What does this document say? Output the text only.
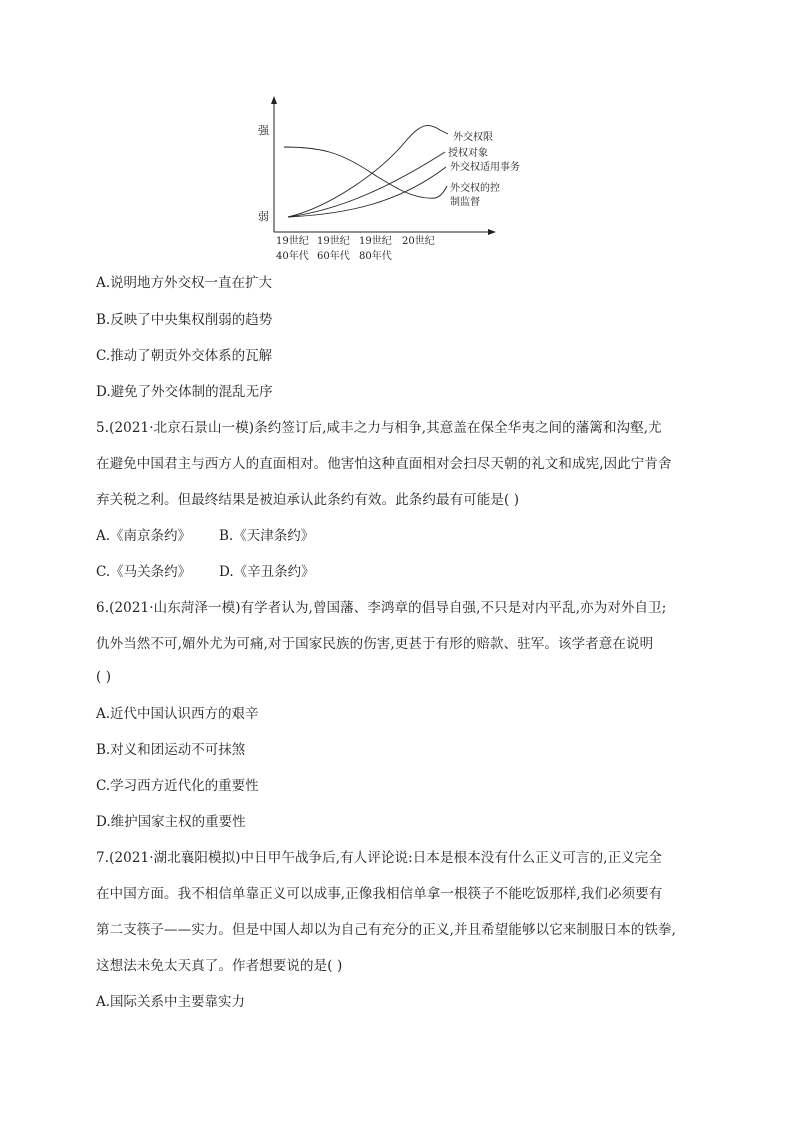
强
弱
外交权限
授权对象
外交权适用事务
外交权的控
制监督
19世纪
40年代
19世纪
60年代
19世纪
80年代
20世纪
A.说明地方外交权一直在扩大
B.反映了中央集权削弱的趋势
C.推动了朝贡外交体系的瓦解
D.避免了外交体制的混乱无序
5.(2021·北京石景山一模)条约签订后,咸丰之力与相争,其意盖在保全华夷之间的藩篱和沟壑,尤
在避免中国君主与西方人的直面相对。他害怕这种直面相对会扫尽天朝的礼文和成宪,因此宁肯舍
弃关税之利。但最终结果是被迫承认此条约有效。此条约最有可能是( )
A.《南京条约》 B.《天津条约》
C.《马关条约》 D.《辛丑条约》
6.(2021·山东菏泽一模)有学者认为,曾国藩、李鸿章的倡导自强,不只是对内平乱,亦为对外自卫;
仇外当然不可,媚外尤为可痛,对于国家民族的伤害,更甚于有形的赔款、驻军。该学者意在说明
( )
A.近代中国认识西方的艰辛
B.对义和团运动不可抹煞
C.学习西方近代化的重要性
D.维护国家主权的重要性
7.(2021·湖北襄阳模拟)中日甲午战争后,有人评论说:日本是根本没有什么正义可言的,正义完全
在中国方面。我不相信单靠正义可以成事,正像我相信单拿一根筷子不能吃饭那样,我们必须要有
第二支筷子——实力。但是中国人却以为自己有充分的正义,并且希望能够以它来制服日本的铁拳,
这想法未免太天真了。作者想要说的是( )
A.国际关系中主要靠实力
